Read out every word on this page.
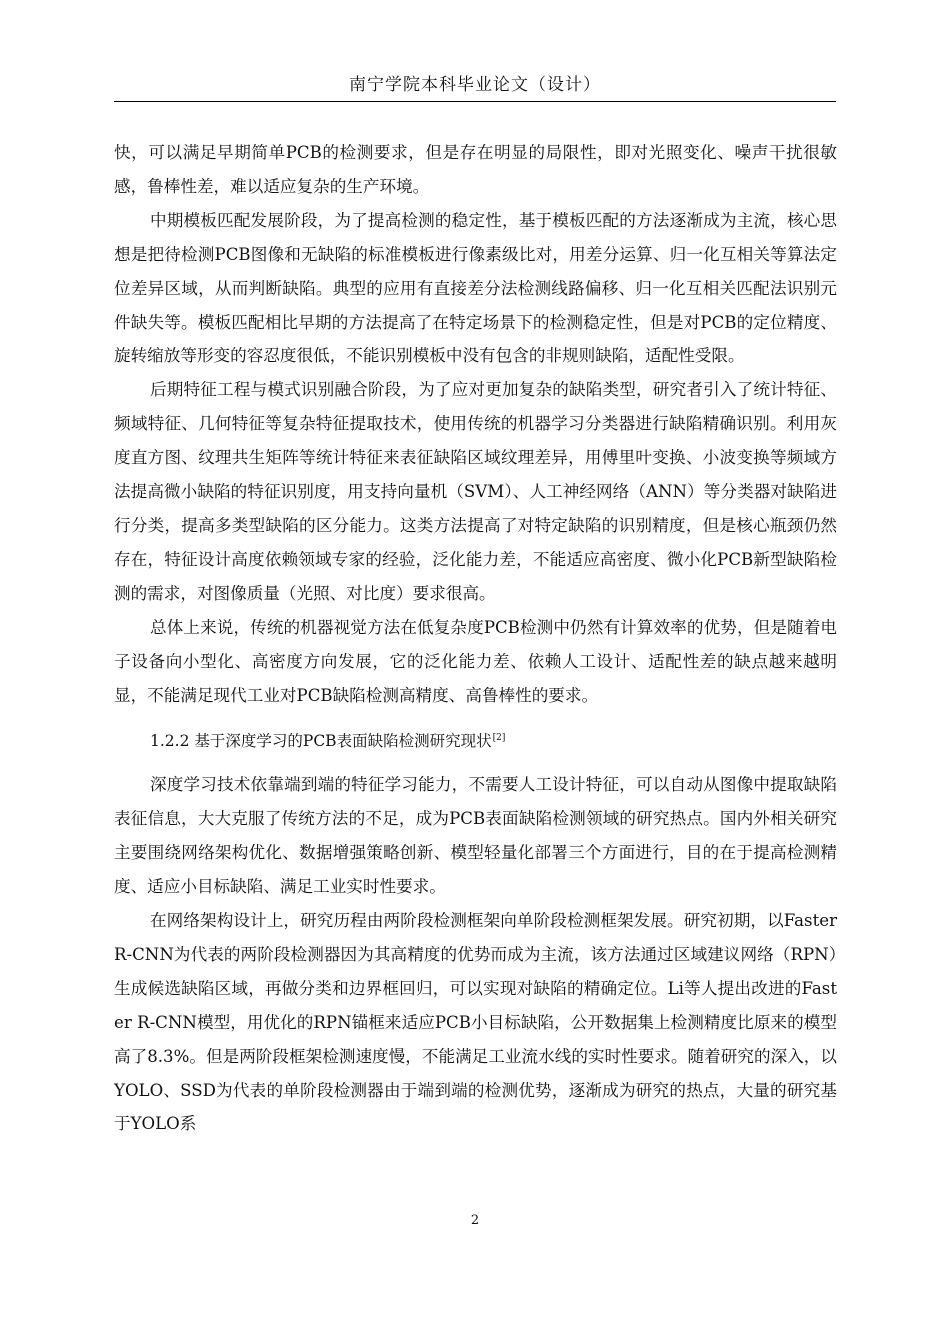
南宁学院本科毕业论文（设计）

快，可以满足早期简单PCB的检测要求，但是存在明显的局限性，即对光照变化、噪声干扰很敏感，鲁棒性差，难以适应复杂的生产环境。

中期模板匹配发展阶段，为了提高检测的稳定性，基于模板匹配的方法逐渐成为主流，核心思想是把待检测PCB图像和无缺陷的标准模板进行像素级比对，用差分运算、归一化互相关等算法定位差异区域，从而判断缺陷。典型的应用有直接差分法检测线路偏移、归一化互相关匹配法识别元件缺失等。模板匹配相比早期的方法提高了在特定场景下的检测稳定性，但是对PCB的定位精度、旋转缩放等形变的容忍度很低，不能识别模板中没有包含的非规则缺陷，适配性受限。

后期特征工程与模式识别融合阶段，为了应对更加复杂的缺陷类型，研究者引入了统计特征、频域特征、几何特征等复杂特征提取技术，使用传统的机器学习分类器进行缺陷精确识别。利用灰度直方图、纹理共生矩阵等统计特征来表征缺陷区域纹理差异，用傅里叶变换、小波变换等频域方法提高微小缺陷的特征识别度，用支持向量机（SVM）、人工神经网络（ANN）等分类器对缺陷进行分类，提高多类型缺陷的区分能力。这类方法提高了对特定缺陷的识别精度，但是核心瓶颈仍然存在，特征设计高度依赖领域专家的经验，泛化能力差，不能适应高密度、微小化PCB新型缺陷检测的需求，对图像质量（光照、对比度）要求很高。

总体上来说，传统的机器视觉方法在低复杂度PCB检测中仍然有计算效率的优势，但是随着电子设备向小型化、高密度方向发展，它的泛化能力差、依赖人工设计、适配性差的缺点越来越明显，不能满足现代工业对PCB缺陷检测高精度、高鲁棒性的要求。

1.2.2 基于深度学习的PCB表面缺陷检测研究现状[2]

深度学习技术依靠端到端的特征学习能力，不需要人工设计特征，可以自动从图像中提取缺陷表征信息，大大克服了传统方法的不足，成为PCB表面缺陷检测领域的研究热点。国内外相关研究主要围绕网络架构优化、数据增强策略创新、模型轻量化部署三个方面进行，目的在于提高检测精度、适应小目标缺陷、满足工业实时性要求。

在网络架构设计上，研究历程由两阶段检测框架向单阶段检测框架发展。研究初期，以Faster R-CNN为代表的两阶段检测器因为其高精度的优势而成为主流，该方法通过区域建议网络（RPN）生成候选缺陷区域，再做分类和边界框回归，可以实现对缺陷的精确定位。Li等人提出改进的Faster R-CNN模型，用优化的RPN锚框来适应PCB小目标缺陷，公开数据集上检测精度比原来的模型高了8.3%。但是两阶段框架检测速度慢，不能满足工业流水线的实时性要求。随着研究的深入，以YOLO、SSD为代表的单阶段检测器由于端到端的检测优势，逐渐成为研究的热点，大量的研究基于YOLO系

2
